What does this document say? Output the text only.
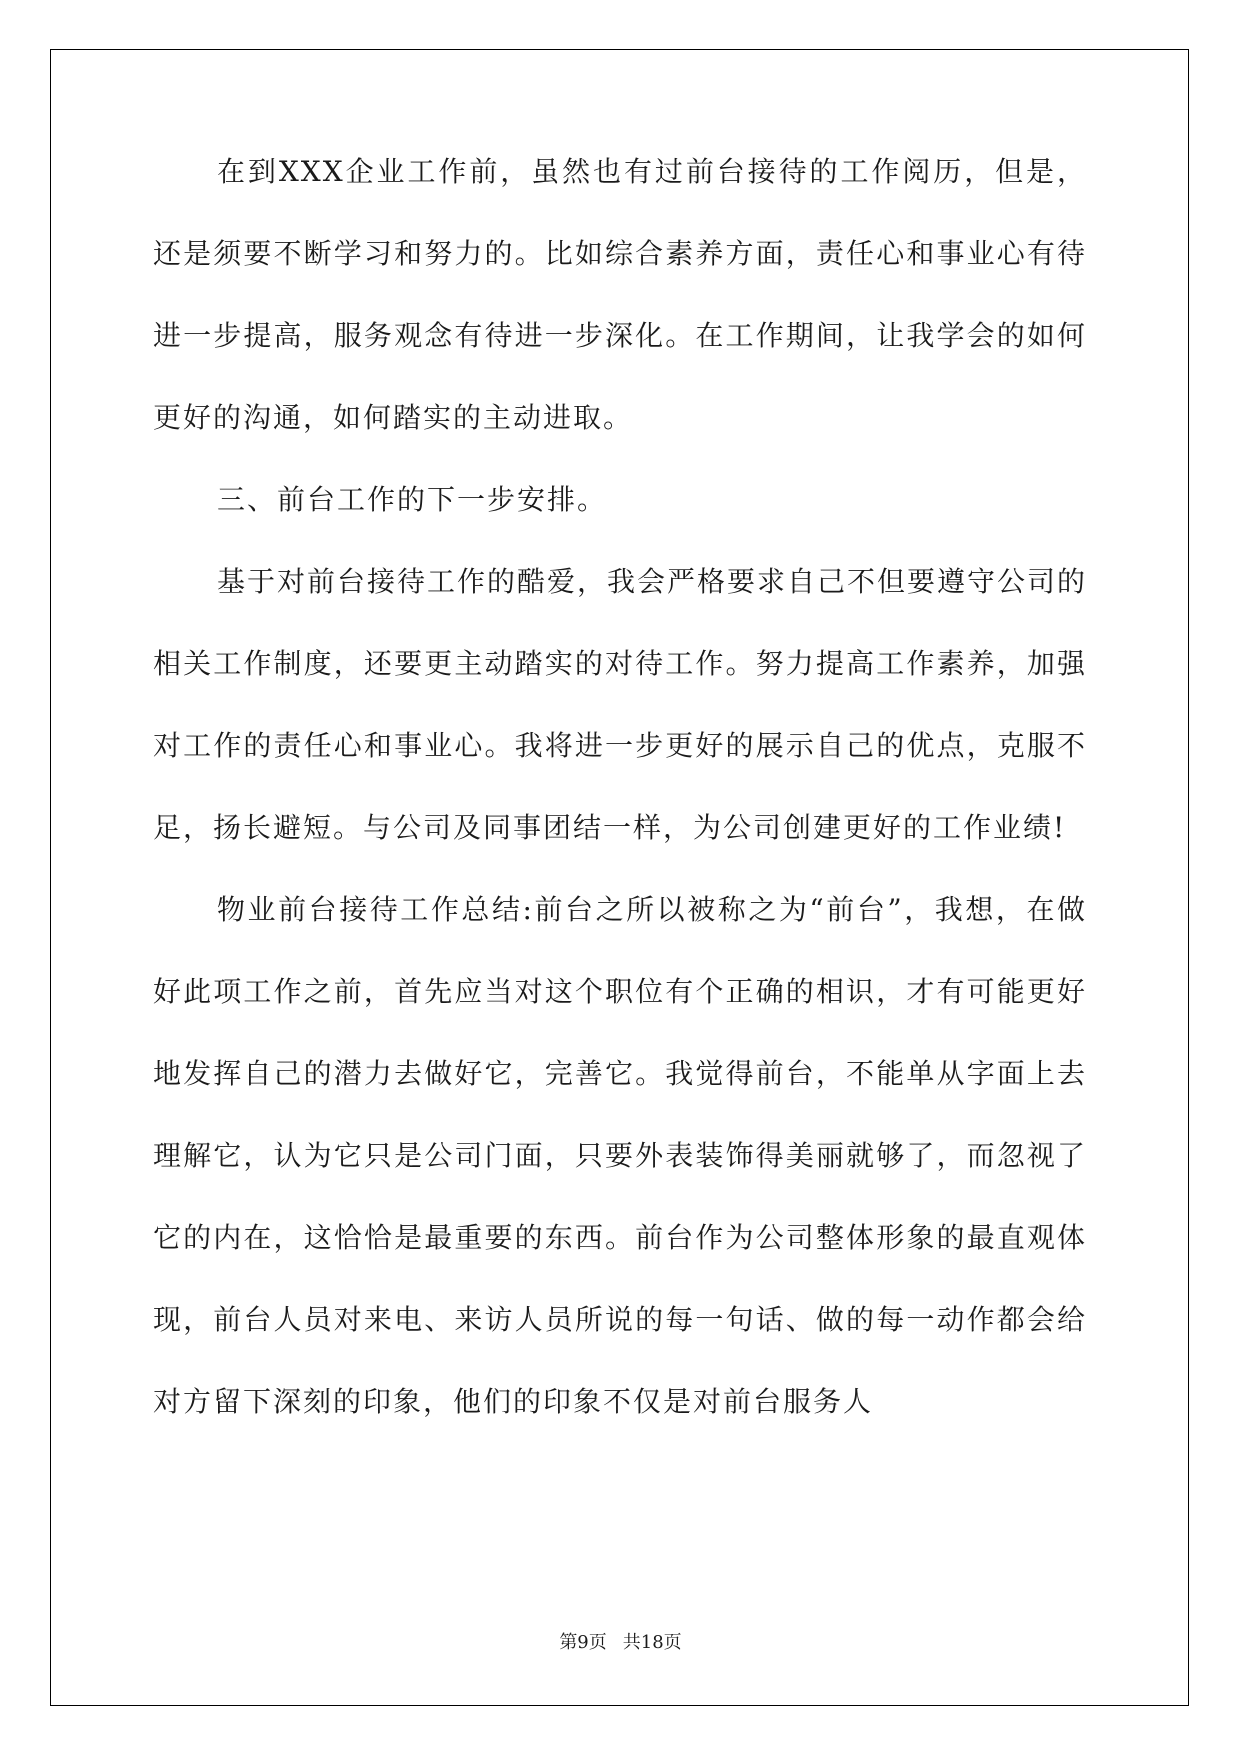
在到XXX企业工作前，虽然也有过前台接待的工作阅历，但是，还是须要不断学习和努力的。比如综合素养方面，责任心和事业心有待进一步提高，服务观念有待进一步深化。在工作期间，让我学会的如何更好的沟通，如何踏实的主动进取。

三、前台工作的下一步安排。

基于对前台接待工作的酷爱，我会严格要求自己不但要遵守公司的相关工作制度，还要更主动踏实的对待工作。努力提高工作素养，加强对工作的责任心和事业心。我将进一步更好的展示自己的优点，克服不足，扬长避短。与公司及同事团结一样，为公司创建更好的工作业绩!

物业前台接待工作总结:前台之所以被称之为“前台”，我想，在做好此项工作之前，首先应当对这个职位有个正确的相识，才有可能更好地发挥自己的潜力去做好它，完善它。我觉得前台，不能单从字面上去理解它，认为它只是公司门面，只要外表装饰得美丽就够了，而忽视了它的内在，这恰恰是最重要的东西。前台作为公司整体形象的最直观体现，前台人员对来电、来访人员所说的每一句话、做的每一动作都会给对方留下深刻的印象，他们的印象不仅是对前台服务人

第9页 共18页
